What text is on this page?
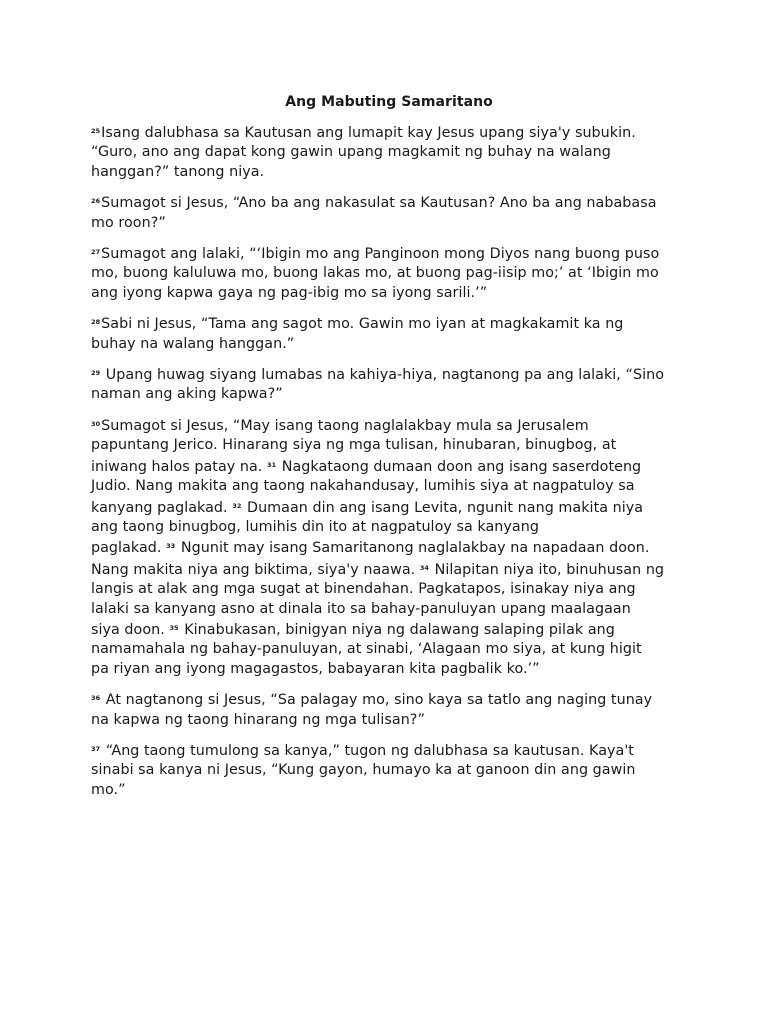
Ang Mabuting Samaritano
$^{25}$Isang dalubhasa sa Kautusan ang lumapit kay Jesus upang siya'y subukin.
“Guro, ano ang dapat kong gawin upang magkamit ng buhay na walang
hanggan?” tanong niya.
$^{26}$Sumagot si Jesus, “Ano ba ang nakasulat sa Kautusan? Ano ba ang nababasa
mo roon?”
$^{27}$Sumagot ang lalaki, “‘Ibigin mo ang Panginoon mong Diyos nang buong puso
mo, buong kaluluwa mo, buong lakas mo, at buong pag-iisip mo;’ at ‘Ibigin mo
ang iyong kapwa gaya ng pag-ibig mo sa iyong sarili.’”
$^{28}$Sabi ni Jesus, “Tama ang sagot mo. Gawin mo iyan at magkakamit ka ng
buhay na walang hanggan.”
$^{29}$ Upang huwag siyang lumabas na kahiya-hiya, nagtanong pa ang lalaki, “Sino
naman ang aking kapwa?”
$^{30}$Sumagot si Jesus, “May isang taong naglalakbay mula sa Jerusalem
papuntang Jerico. Hinarang siya ng mga tulisan, hinubaran, binugbog, at
iniwang halos patay na. $^{31}$ Nagkataong dumaan doon ang isang saserdoteng
Judio. Nang makita ang taong nakahandusay, lumihis siya at nagpatuloy sa
kanyang paglakad. $^{32}$ Dumaan din ang isang Levita, ngunit nang makita niya
ang taong binugbog, lumihis din ito at nagpatuloy sa kanyang
paglakad. $^{33}$ Ngunit may isang Samaritanong naglalakbay na napadaan doon.
Nang makita niya ang biktima, siya'y naawa. $^{34}$ Nilapitan niya ito, binuhusan ng
langis at alak ang mga sugat at binendahan. Pagkatapos, isinakay niya ang
lalaki sa kanyang asno at dinala ito sa bahay-panuluyan upang maalagaan
siya doon. $^{35}$ Kinabukasan, binigyan niya ng dalawang salaping pilak ang
namamahala ng bahay-panuluyan, at sinabi, ‘Alagaan mo siya, at kung higit
pa riyan ang iyong magagastos, babayaran kita pagbalik ko.’”
$^{36}$ At nagtanong si Jesus, “Sa palagay mo, sino kaya sa tatlo ang naging tunay
na kapwa ng taong hinarang ng mga tulisan?”
$^{37}$ “Ang taong tumulong sa kanya,” tugon ng dalubhasa sa kautusan. Kaya't
sinabi sa kanya ni Jesus, “Kung gayon, humayo ka at ganoon din ang gawin
mo.”
